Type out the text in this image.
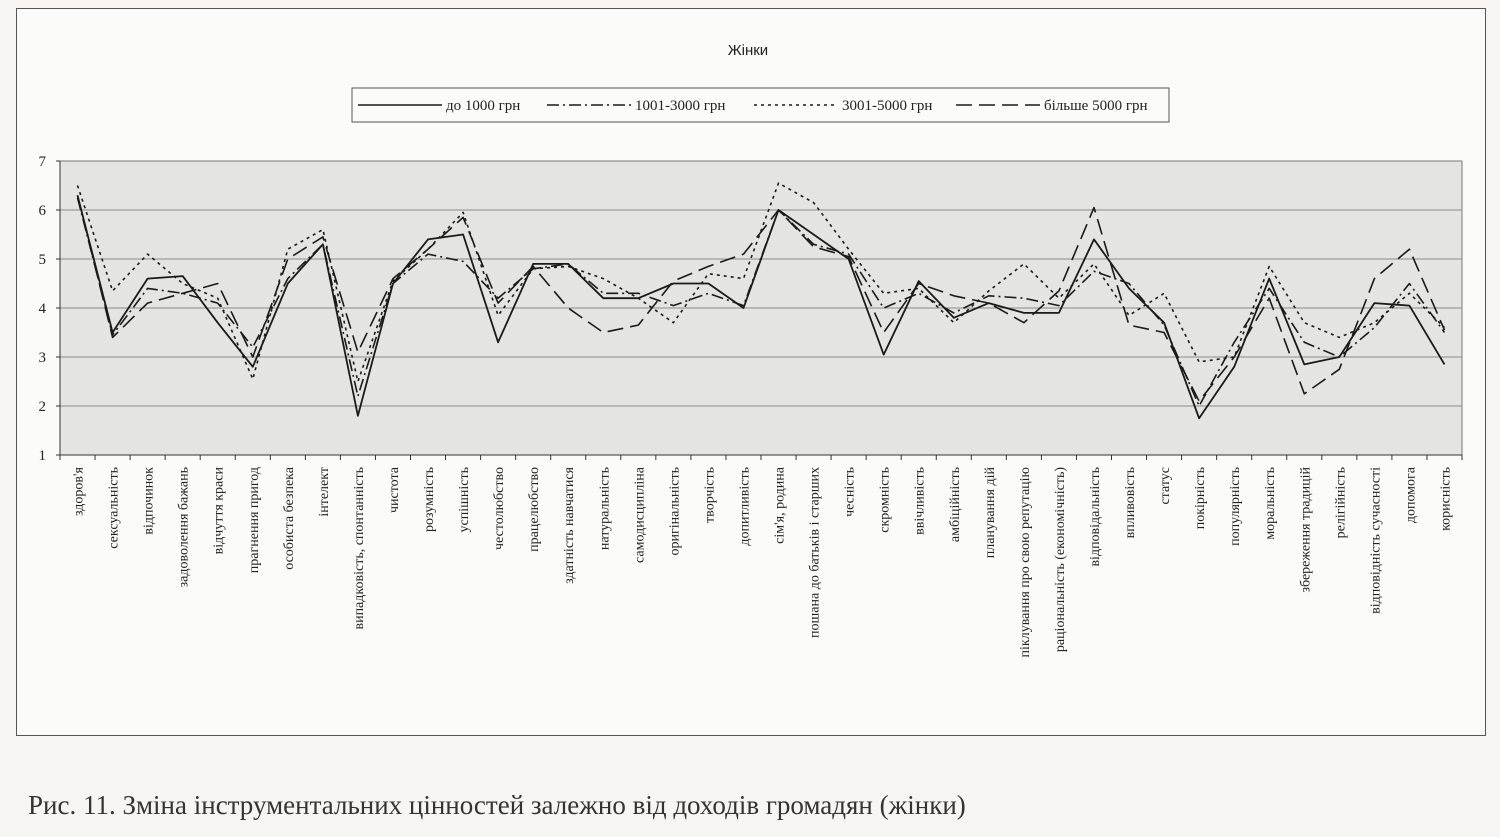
1
2
3
4
5
6
7
здоров'я сексуальність відпочинок задоволення бажань відчуття краси прагнення пригод особиста безпека інтелект випадковість, спонтанність чистота розумність успішність честолюбство працелюбство здатність навчатися натуральність самодисципліна оригінальність творчість допитливість сім'я, родина пошана до батьків і старших чесність скромність ввічливість амбіційність планування дій піклування про свою репутацію раціональність (економічність) відповідальність впливовість статус покірність популярність моральність збереження традицій релігійність відповідність сучасності допомога корисність
до 1000 грн	1001-3000 грн	3001-5000 грн	більше 5000 грн
Жінки
Рис. 11. Зміна інструментальних цінностей залежно від доходів громадян (жінки)
